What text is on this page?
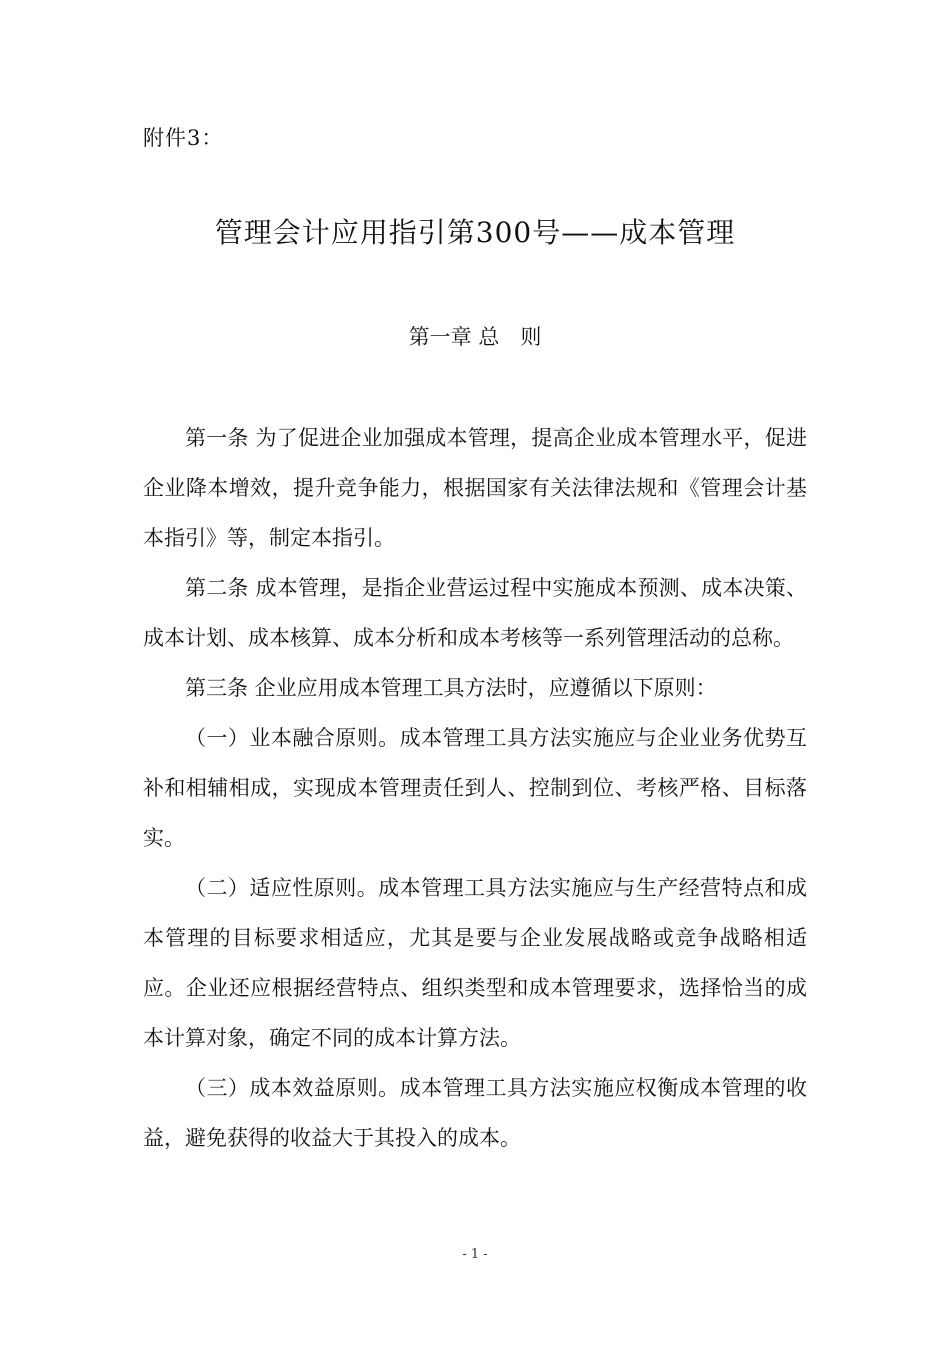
附件3：
管理会计应用指引第300号——成本管理
第一章 总　则

第一条 为了促进企业加强成本管理，提高企业成本管理水平，促进企业降本增效，提升竞争能力，根据国家有关法律法规和《管理会计基本指引》等，制定本指引。

第二条 成本管理，是指企业营运过程中实施成本预测、成本决策、成本计划、成本核算、成本分析和成本考核等一系列管理活动的总称。

第三条 企业应用成本管理工具方法时，应遵循以下原则：

（一）业本融合原则。成本管理工具方法实施应与企业业务优势互补和相辅相成，实现成本管理责任到人、控制到位、考核严格、目标落实。

（二）适应性原则。成本管理工具方法实施应与生产经营特点和成本管理的目标要求相适应，尤其是要与企业发展战略或竞争战略相适应。企业还应根据经营特点、组织类型和成本管理要求，选择恰当的成本计算对象，确定不同的成本计算方法。

（三）成本效益原则。成本管理工具方法实施应权衡成本管理的收益，避免获得的收益大于其投入的成本。

- 1 -
